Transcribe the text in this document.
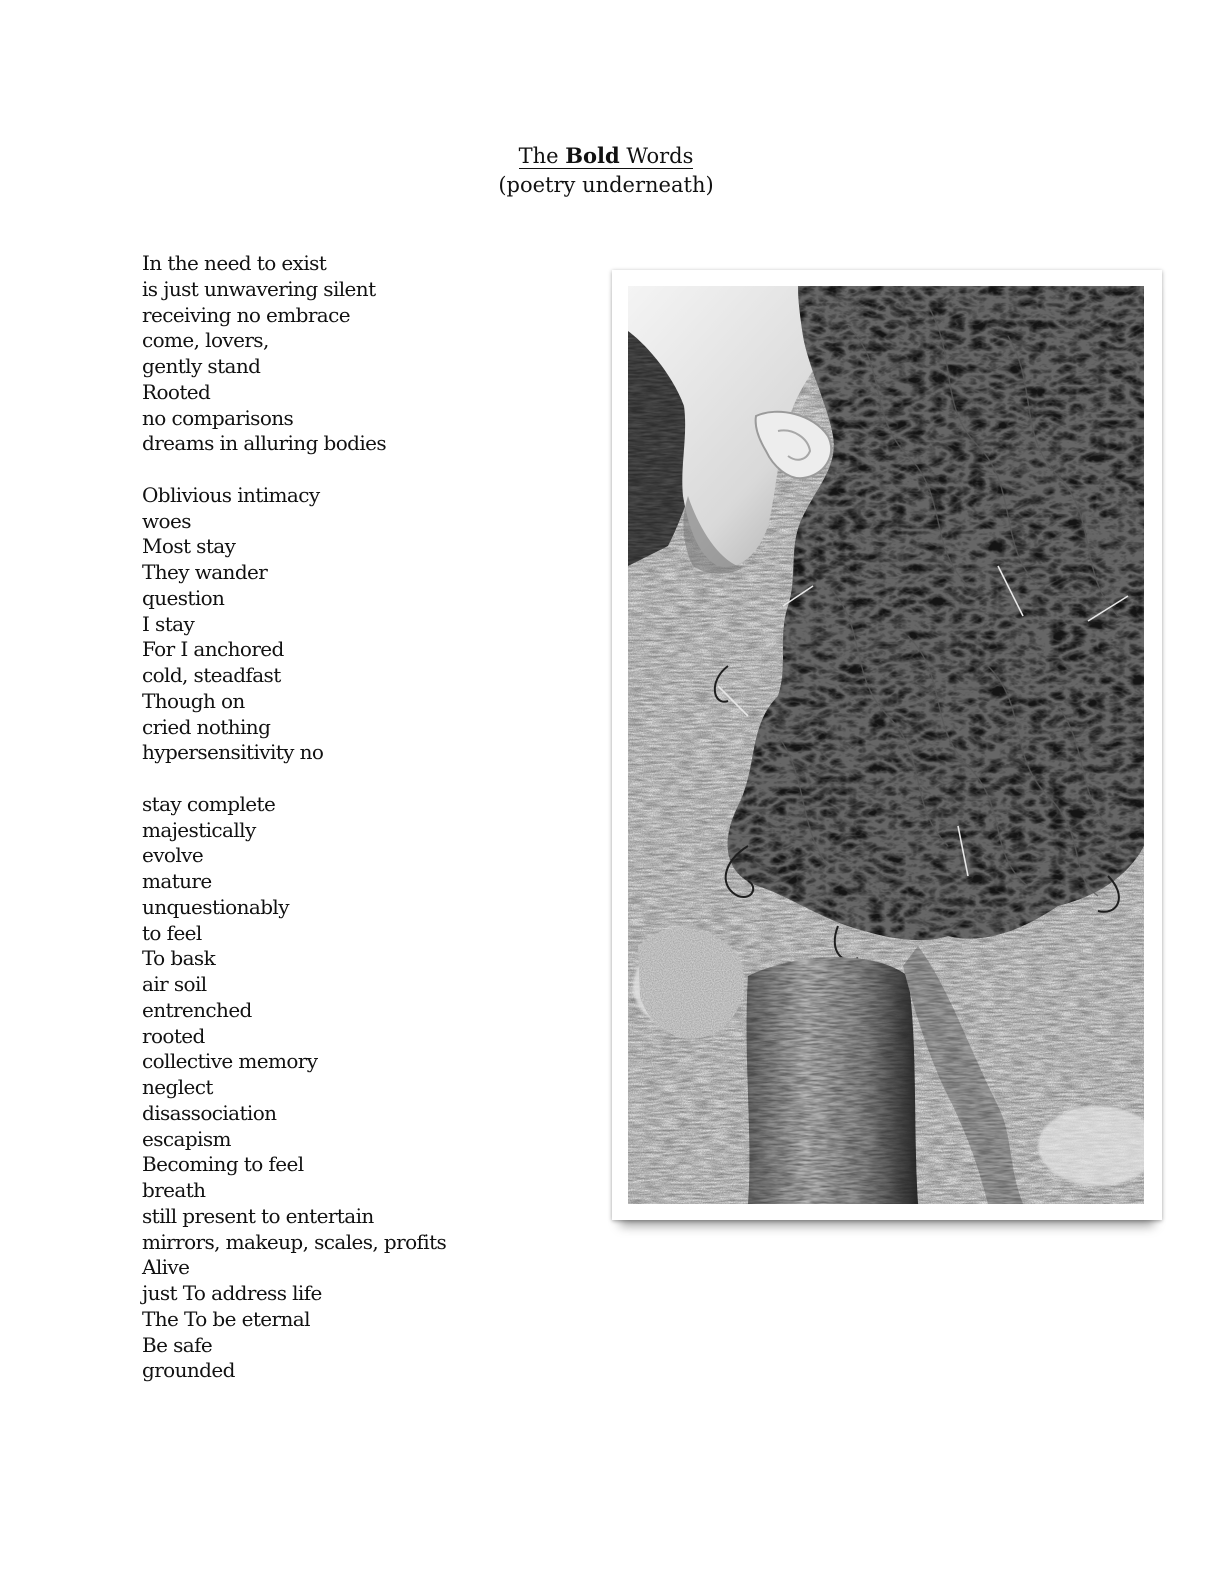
The Bold Words
(poetry underneath)
In the need to exist
is just unwavering silent
receiving no embrace
come, lovers,
gently stand
Rooted
no comparisons
dreams in alluring bodies
Oblivious intimacy
woes
Most stay
They wander
question
I stay
For I anchored
cold, steadfast
Though on
cried nothing
hypersensitivity no
stay complete
majestically
evolve
mature
unquestionably
to feel
To bask
air soil
entrenched
rooted
collective memory
neglect
disassociation
escapism
Becoming to feel
breath
still present to entertain
mirrors, makeup, scales, profits
Alive
just To address life
The To be eternal
Be safe
grounded
